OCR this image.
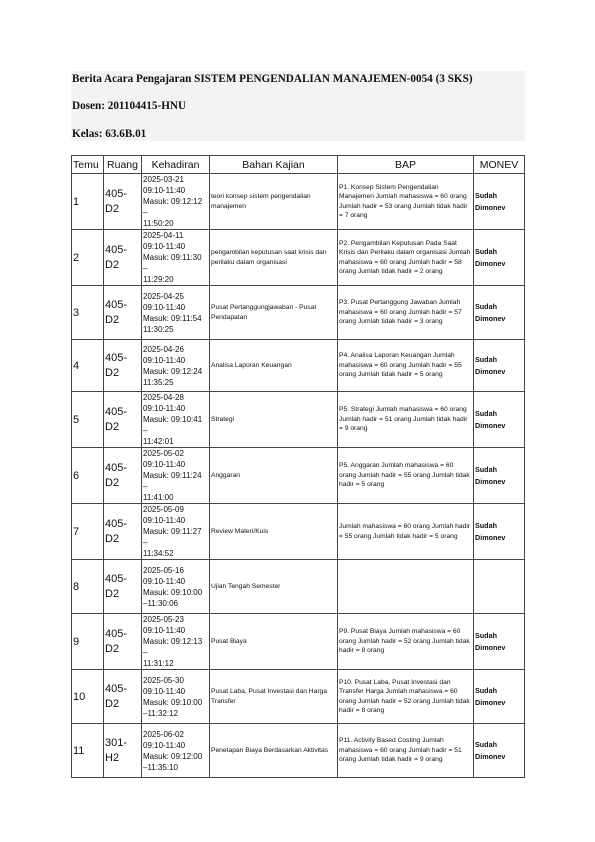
Berita Acara Pengajaran SISTEM PENGENDALIAN MANAJEMEN-0054 (3 SKS)

Dosen: 201104415-HNU

Kelas: 63.6B.01

Temu	Ruang	Kehadiran	Bahan Kajian	BAP	MONEV

1	405-D2	2025-03-21
09:10-11:40
Masuk: 09:12:12 –
11:50:20	teori konsep sistem pengendalian manajemen	P1. Konsep Sistem Pengendalian Manajemen Jumlah mahasiswa = 60 orang Jumlah hadir = 53 orang Jumlah tidak hadir = 7 orang	Sudah Dimonev

2	405-D2	2025-04-11
09:10-11:40
Masuk: 09:11:30 –
11:29:20	pengambilan keputusan saat krisis dan perilaku dalam organisasi	P2. Pengambilan Keputusan Pada Saat Krisis dan Perilaku dalam organisasi Jumlah mahasiswa = 60 orang Jumlah hadir = 58 orang Jumlah tidak hadir = 2 orang	Sudah Dimonev

3	405-D2	2025-04-25
09:10-11:40
Masuk: 09:11:54
11:30:25	Pusat Pertanggungjawaban - Pusat Pendapatan	P3. Pusat Pertanggung Jawaban Jumlah mahasiswa = 60 orang Jumlah hadir = 57 orang Jumlah tidak hadir = 3 orang	Sudah Dimonev

4	405-D2	2025-04-26
09:10-11:40
Masuk: 09:12:24
11:35:25	Analisa Laporan Keuangan	P4. Analisa Laporan Keuangan Jumlah mahasiswa = 60 orang Jumlah hadir = 55 orang Jumlah tidak hadir = 5 orang	Sudah Dimonev

5	405-D2	2025-04-28
09:10-11:40
Masuk: 09:10:41 –
11:42:01	Strategi	P5. Strategi Jumlah mahasiswa = 60 orang Jumlah hadir = 51 orang Jumlah tidak hadir = 9 orang	Sudah Dimonev

6	405-D2	2025-05-02
09:10-11:40
Masuk: 09:11:24 –
11:41:00	Anggaran	P5. Anggaran Jumlah mahasiswa = 60 orang Jumlah hadir = 55 orang Jumlah tidak hadir = 5 orang	Sudah Dimonev

7	405-D2	2025-05-09
09:10-11:40
Masuk: 09:11:27 –
11:34:52	Review Materi/Kuis	Jumlah mahasiswa = 60 orang Jumlah hadir = 55 orang Jumlah tidak hadir = 5 orang	Sudah Dimonev

8	405-D2	2025-05-16
09:10-11:40
Masuk: 09:10:00
–11:30:06	Ujian Tengah Semester		

9	405-D2	2025-05-23
09:10-11:40
Masuk: 09:12:13 –
11:31:12	Pusat Biaya	P9. Pusat Biaya Jumlah mahasiswa = 60 orang Jumlah hadir = 52 orang Jumlah tidak hadir = 8 orang	Sudah Dimonev

10	405-D2	2025-05-30
09:10-11:40
Masuk: 09:10:00
–11:32:12	Pusat Laba, Pusat Investasi dan Harga Transfer	P10. Pusat Laba, Pusat Investasi dan Transfer Harga Jumlah mahasiswa = 60 orang Jumlah hadir = 52 orang Jumlah tidak hadir = 8 orang	Sudah Dimonev

11	301-H2	2025-06-02
09:10-11:40
Masuk: 09:12:00
–11:35:10	Penetapan Biaya Berdasarkan Aktivitas	P11. Activity Based Costing Jumlah mahasiswa = 60 orang Jumlah hadir = 51 orang Jumlah tidak hadir = 9 orang	Sudah Dimonev
